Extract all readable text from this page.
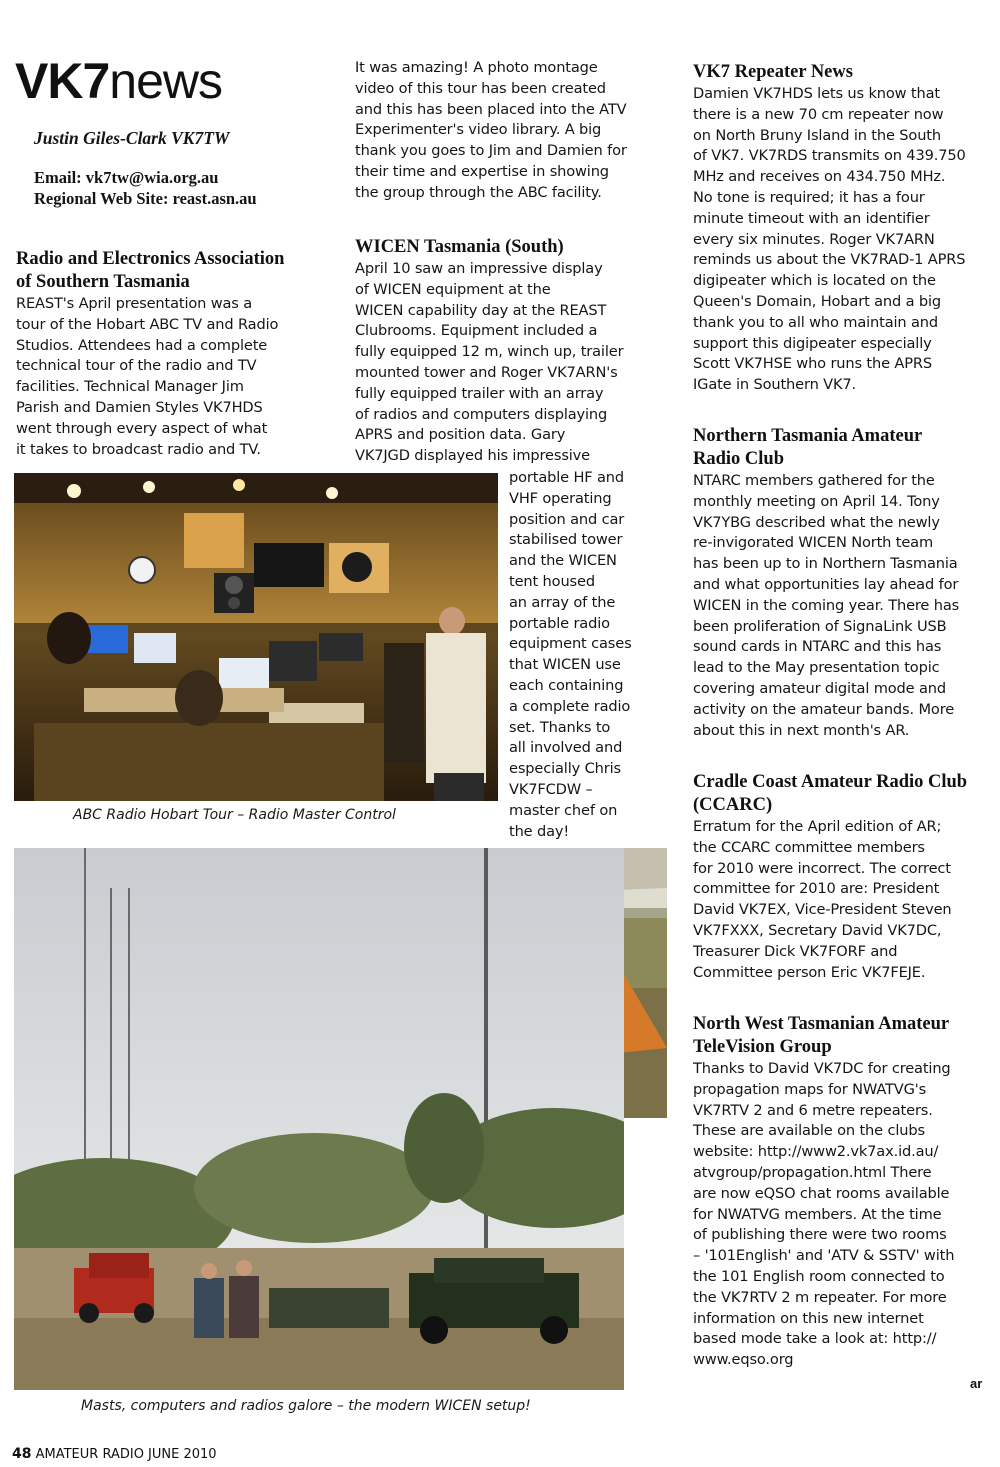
VK7news
Justin Giles-Clark VK7TW
Email: vk7tw@wia.org.au
Regional Web Site: reast.asn.au
Radio and Electronics Association
of Southern Tasmania
REAST's April presentation was a
tour of the Hobart ABC TV and Radio
Studios. Attendees had a complete
technical tour of the radio and TV
facilities. Technical Manager Jim
Parish and Damien Styles VK7HDS
went through every aspect of what
it takes to broadcast radio and TV.
It was amazing! A photo montage
video of this tour has been created
and this has been placed into the ATV
Experimenter's video library. A big
thank you goes to Jim and Damien for
their time and expertise in showing
the group through the ABC facility.
WICEN Tasmania (South)
April 10 saw an impressive display
of WICEN equipment at the
WICEN capability day at the REAST
Clubrooms. Equipment included a
fully equipped 12 m, winch up, trailer
mounted tower and Roger VK7ARN's
fully equipped trailer with an array
of radios and computers displaying
APRS and position data. Gary
VK7JGD displayed his impressive
portable HF and
VHF operating
position and car
stabilised tower
and the WICEN
tent housed
an array of the
portable radio
equipment cases
that WICEN use
each containing
a complete radio
set. Thanks to
all involved and
especially Chris
VK7FCDW –
master chef on
the day!
VK7 Repeater News
Damien VK7HDS lets us know that
there is a new 70 cm repeater now
on North Bruny Island in the South
of VK7. VK7RDS transmits on 439.750
MHz and receives on 434.750 MHz.
No tone is required; it has a four
minute timeout with an identifier
every six minutes. Roger VK7ARN
reminds us about the VK7RAD-1 APRS
digipeater which is located on the
Queen's Domain, Hobart and a big
thank you to all who maintain and
support this digipeater especially
Scott VK7HSE who runs the APRS
IGate in Southern VK7.
Northern Tasmania Amateur
Radio Club
NTARC members gathered for the
monthly meeting on April 14. Tony
VK7YBG described what the newly
re-invigorated WICEN North team
has been up to in Northern Tasmania
and what opportunities lay ahead for
WICEN in the coming year. There has
been proliferation of SignaLink USB
sound cards in NTARC and this has
lead to the May presentation topic
covering amateur digital mode and
activity on the amateur bands. More
about this in next month's AR.
Cradle Coast Amateur Radio Club
(CCARC)
Erratum for the April edition of AR;
the CCARC committee members
for 2010 were incorrect. The correct
committee for 2010 are: President
David VK7EX, Vice-President Steven
VK7FXXX, Secretary David VK7DC,
Treasurer Dick VK7FORF and
Committee person Eric VK7FEJE.
North West Tasmanian Amateur
TeleVision Group
Thanks to David VK7DC for creating
propagation maps for NWATVG's
VK7RTV 2 and 6 metre repeaters.
These are available on the clubs
website: http://www2.vk7ax.id.au/
atvgroup/propagation.html There
are now eQSO chat rooms available
for NWATVG members. At the time
of publishing there were two rooms
– '101English' and 'ATV & SSTV' with
the 101 English room connected to
the VK7RTV 2 m repeater. For more
information on this new internet
based mode take a look at: http://
www.eqso.org
ABC Radio Hobart Tour – Radio Master Control
Masts, computers and radios galore – the modern WICEN setup!
ar
48 AMATEUR RADIO JUNE 2010
